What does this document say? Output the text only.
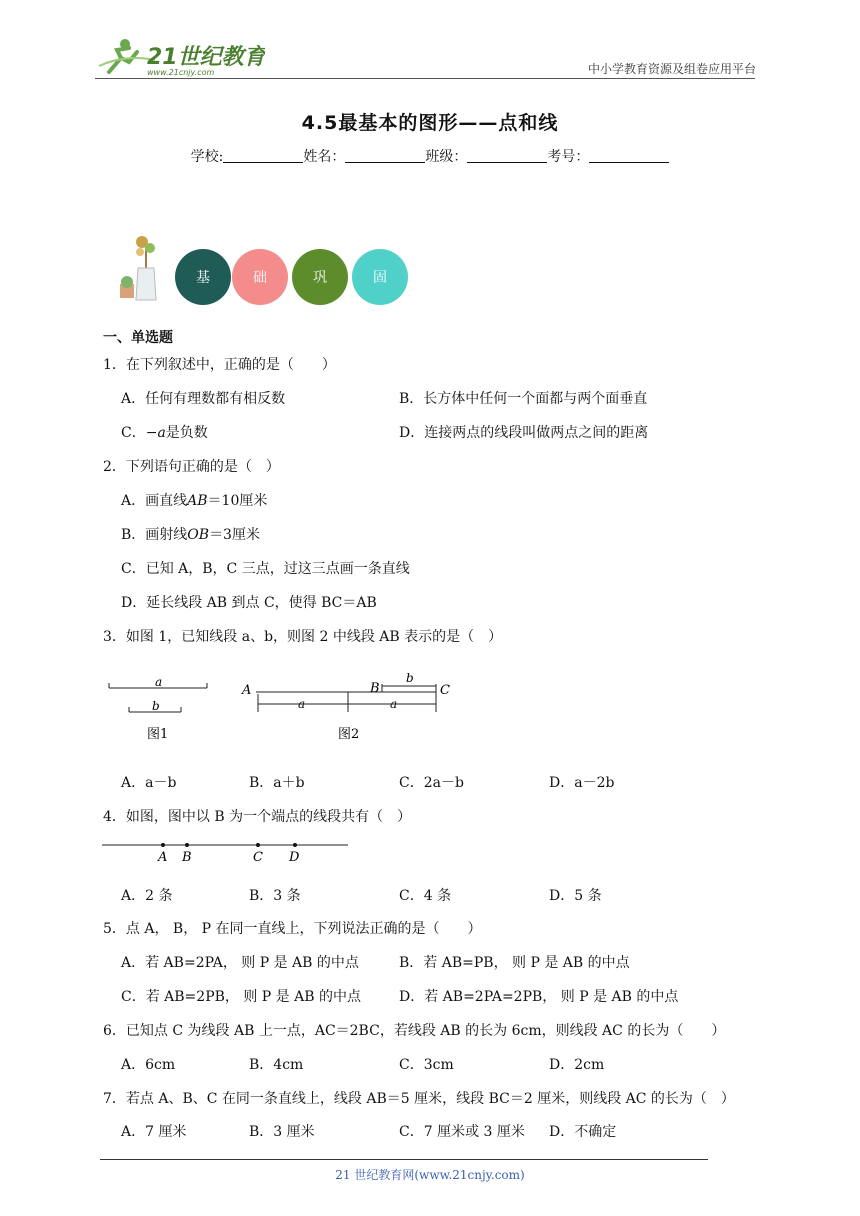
21世纪教育
www.21cnjy.com	中小学教育资源及组卷应用平台
4.5最基本的图形——点和线
学校:	姓名：	班级：	考号：
基	础	巩	固
一、单选题
1．在下列叙述中，正确的是（　　）
A．任何有理数都有相反数	B．长方体中任何一个面都与两个面垂直
C．−a是负数	D．连接两点的线段叫做两点之间的距离
2．下列语句正确的是（　）
A．画直线AB＝10厘米
B．画射线OB＝3厘米
C．已知 A，B，C 三点，过这三点画一条直线
D．延长线段 AB 到点 C，使得 BC＝AB
3．如图 1，已知线段 a、b，则图 2 中线段 AB 表示的是（　）
a
b
图1
A	B	C
b
a	a
图2
A．a－b	B．a＋b	C．2a－b	D．a－2b
4．如图，图中以 B 为一个端点的线段共有（　）
A B	C D
A．2 条	B．3 条	C．4 条	D．5 条
5．点 A， B， P 在同一直线上，下列说法正确的是（　　）
A．若 AB=2PA， 则 P 是 AB 的中点	B．若 AB=PB， 则 P 是 AB 的中点
C．若 AB=2PB， 则 P 是 AB 的中点	D．若 AB=2PA=2PB， 则 P 是 AB 的中点
6．已知点 C 为线段 AB 上一点，AC＝2BC，若线段 AB 的长为 6cm，则线段 AC 的长为（　　）
A．6cm	B．4cm	C．3cm	D．2cm
7．若点 A、B、C 在同一条直线上，线段 AB＝5 厘米，线段 BC＝2 厘米，则线段 AC 的长为（　）
A．7 厘米	B．3 厘米	C．7 厘米或 3 厘米 D．不确定
21 世纪教育网(www.21cnjy.com)
